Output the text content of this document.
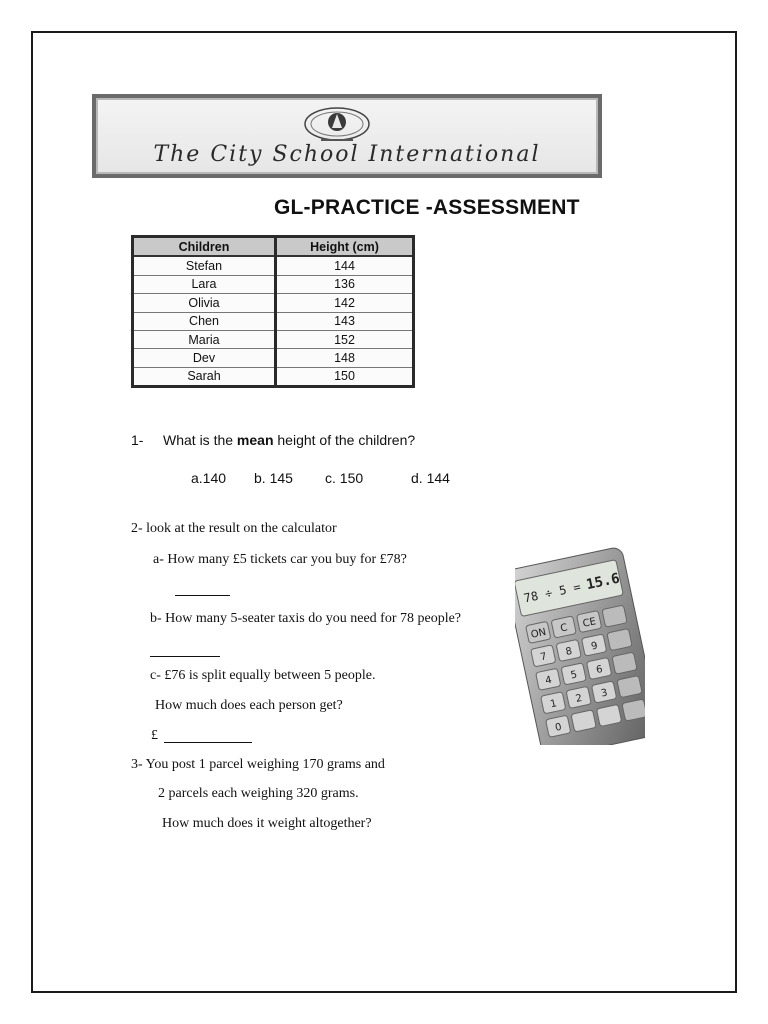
The City School International
GL-PRACTICE -ASSESSMENT
Children	Height (cm)
Stefan	144
Lara	136
Olivia	142
Chen	143
Maria	152
Dev	148
Sarah	150
1- What is the mean height of the children?
a.140 b. 145 c. 150	d. 144
2- look at the result on the calculator
a- How many £5 tickets car you buy for £78?
b- How many 5-seater taxis do you need for 78 people?
c- £76 is split equally between 5 people.
How much does each person get?
£
3- You post 1 parcel weighing 170 grams and
2 parcels each weighing 320 grams.
How much does it weight altogether?
78 ÷ 5 = 15.6
ON C CE
7 8 9
4 5 6
1 2 3
0
